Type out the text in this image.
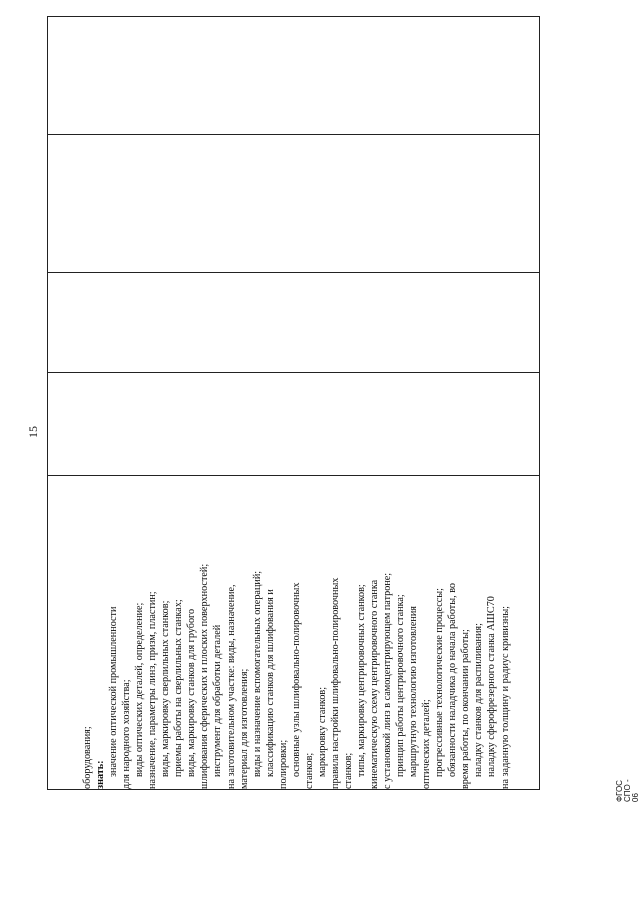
15
оборудования; знать: значение оптической промышленности для народного хозяйства; виды оптических деталей, определение; назначение, параметры линз, призм, пластин; виды, маркировку сверлильных станков; приемы работы на сверлильных станках; виды, маркировку станков для грубого шлифования сферических и плоских поверхностей; инструмент для обработки деталей на заготовительном участке: виды, назначение, материал для изготовления; виды и назначение вспомогательных операций; классификацию станков для шлифования и полировки; основные узлы шлифовально-полировочных станков; маркировку станков; правила настройки шлифовально-полировочных станков; типы, маркировку центрировочных станков; кинематическую схему центрировочного станка с установкой линз в самоцентрирующем патроне; принцип работы центрировочного станка; маршрутную технологию изготовления оптических деталей; прогрессивные технологические процессы; обязанности наладчика до начала работы, во время работы, по окончании работы; наладку станков для распиливания; наладку сферофрезерного станка АШС70 на заданную толщину и радиус кривизны;
ФГОС СПО - 06
